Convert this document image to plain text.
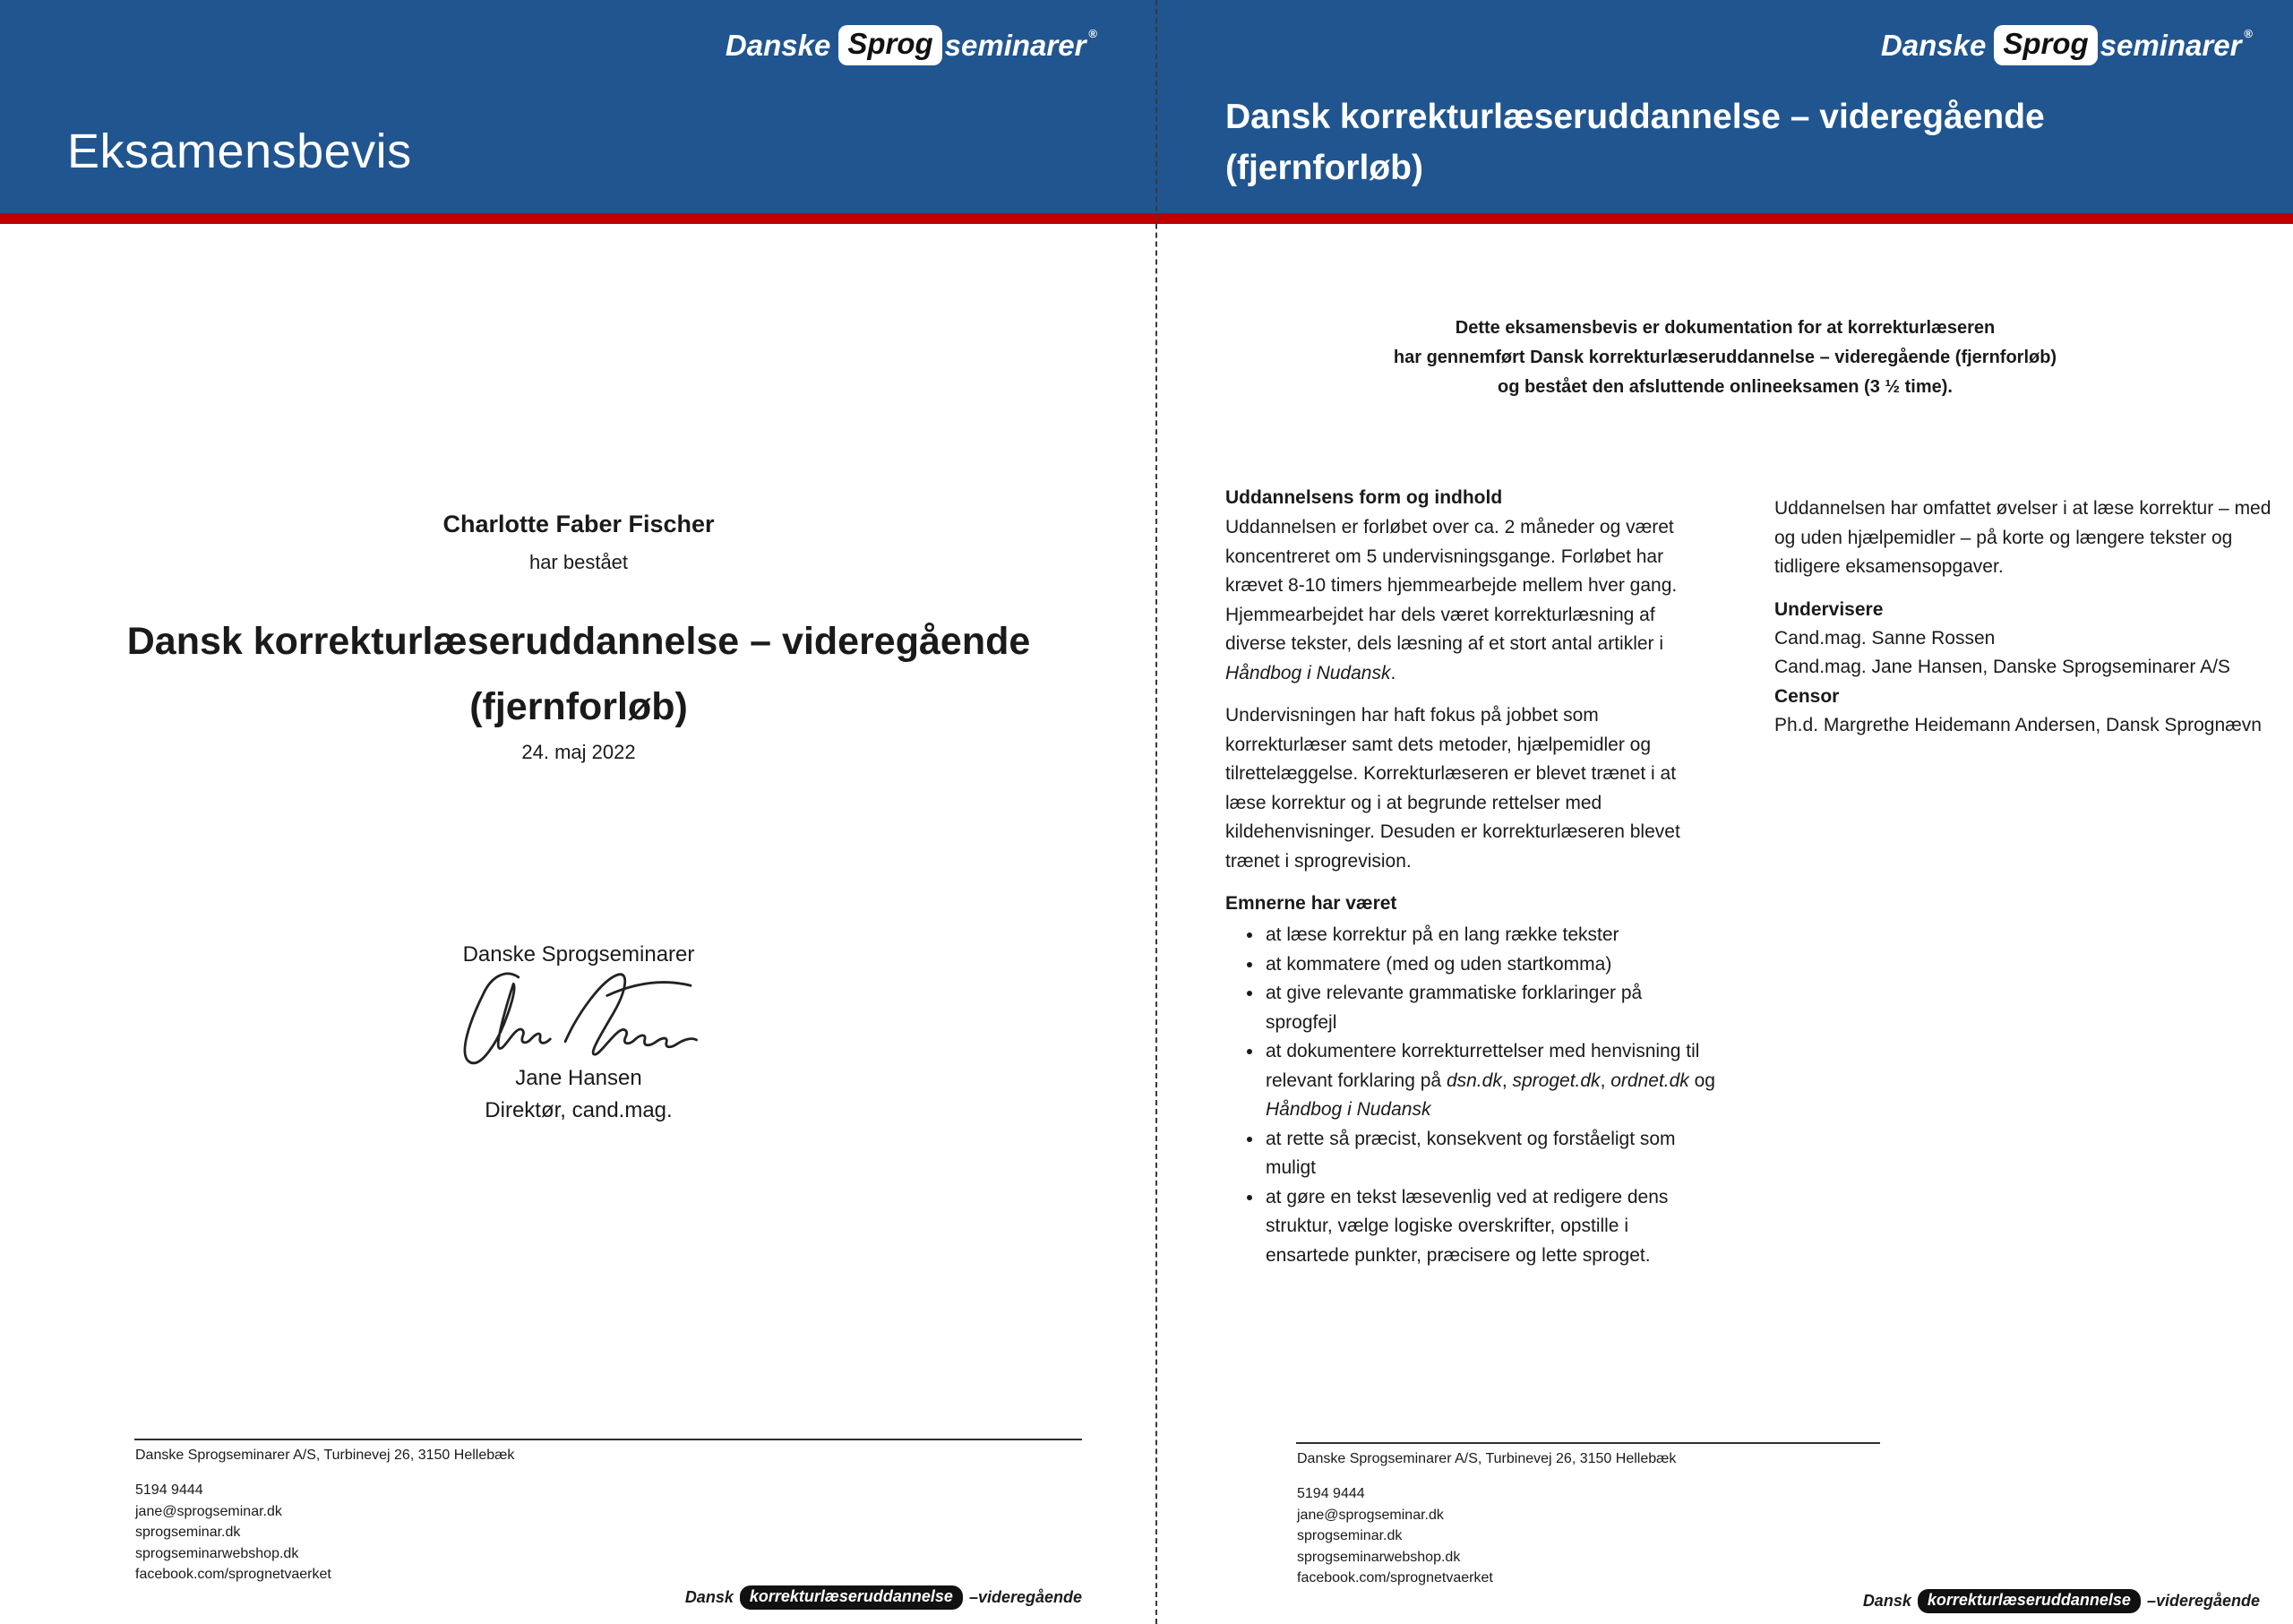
Danske Sprog seminarer ®
Eksamensbevis
Charlotte Faber Fischer
har bestået
Dansk korrekturlæseruddannelse – videregående
(fjernforløb)
24. maj 2022
Danske Sprogseminarer
Jane Hansen
Direktør, cand.mag.
Danske Sprogseminarer A/S, Turbinevej 26, 3150 Hellebæk
5194 9444
jane@sprogseminar.dk
sprogseminar.dk
sprogseminarwebshop.dk
facebook.com/sprognetvaerket
Dansk	korrekturlæseruddannelse	–videregående
Danske Sprog seminarer ®
Dansk korrekturlæseruddannelse – videregående
(fjernforløb)
Dette eksamensbevis er dokumentation for at korrekturlæseren
har gennemført Dansk korrekturlæseruddannelse – videregående (fjernforløb)
og bestået den afsluttende onlineeksamen (3 ½ time).
Uddannelsens form og indhold

Uddannelsen er forløbet over ca. 2 måneder og været koncentreret om 5 undervisningsgange. Forløbet har krævet 8-10 timers hjemmearbejde mellem hver gang. Hjemmearbejdet har dels været korrekturlæsning af diverse tekster, dels læsning af et stort antal artikler i Håndbog i Nudansk.

Undervisningen har haft fokus på jobbet som korrekturlæser samt dets metoder, hjælpemidler og tilrettelæggelse. Korrekturlæseren er blevet trænet i at læse korrektur og i at begrunde rettelser med kildehenvisninger. Desuden er korrekturlæseren blevet trænet i sprogrevision.

Emnerne har været
• at læse korrektur på en lang række tekster
• at kommatere (med og uden startkomma)
• at give relevante grammatiske forklaringer på sprogfejl
• at dokumentere korrekturrettelser med henvisning til relevant forklaring på dsn.dk, sproget.dk, ordnet.dk og Håndbog i Nudansk
• at rette så præcist, konsekvent og forståeligt som muligt
• at gøre en tekst læsevenlig ved at redigere dens struktur, vælge logiske overskrifter, opstille i ensartede punkter, præcisere og lette sproget.

Uddannelsen har omfattet øvelser i at læse korrektur – med og uden hjælpemidler – på korte og længere tekster og tidligere eksamensopgaver.

Undervisere
Cand.mag. Sanne Rossen
Cand.mag. Jane Hansen, Danske Sprogseminarer A/S
Censor
Ph.d. Margrethe Heidemann Andersen, Dansk Sprognævn
Danske Sprogseminarer A/S, Turbinevej 26, 3150 Hellebæk
5194 9444
jane@sprogseminar.dk
sprogseminar.dk
sprogseminarwebshop.dk
facebook.com/sprognetvaerket
Dansk	korrekturlæseruddannelse	–videregående
